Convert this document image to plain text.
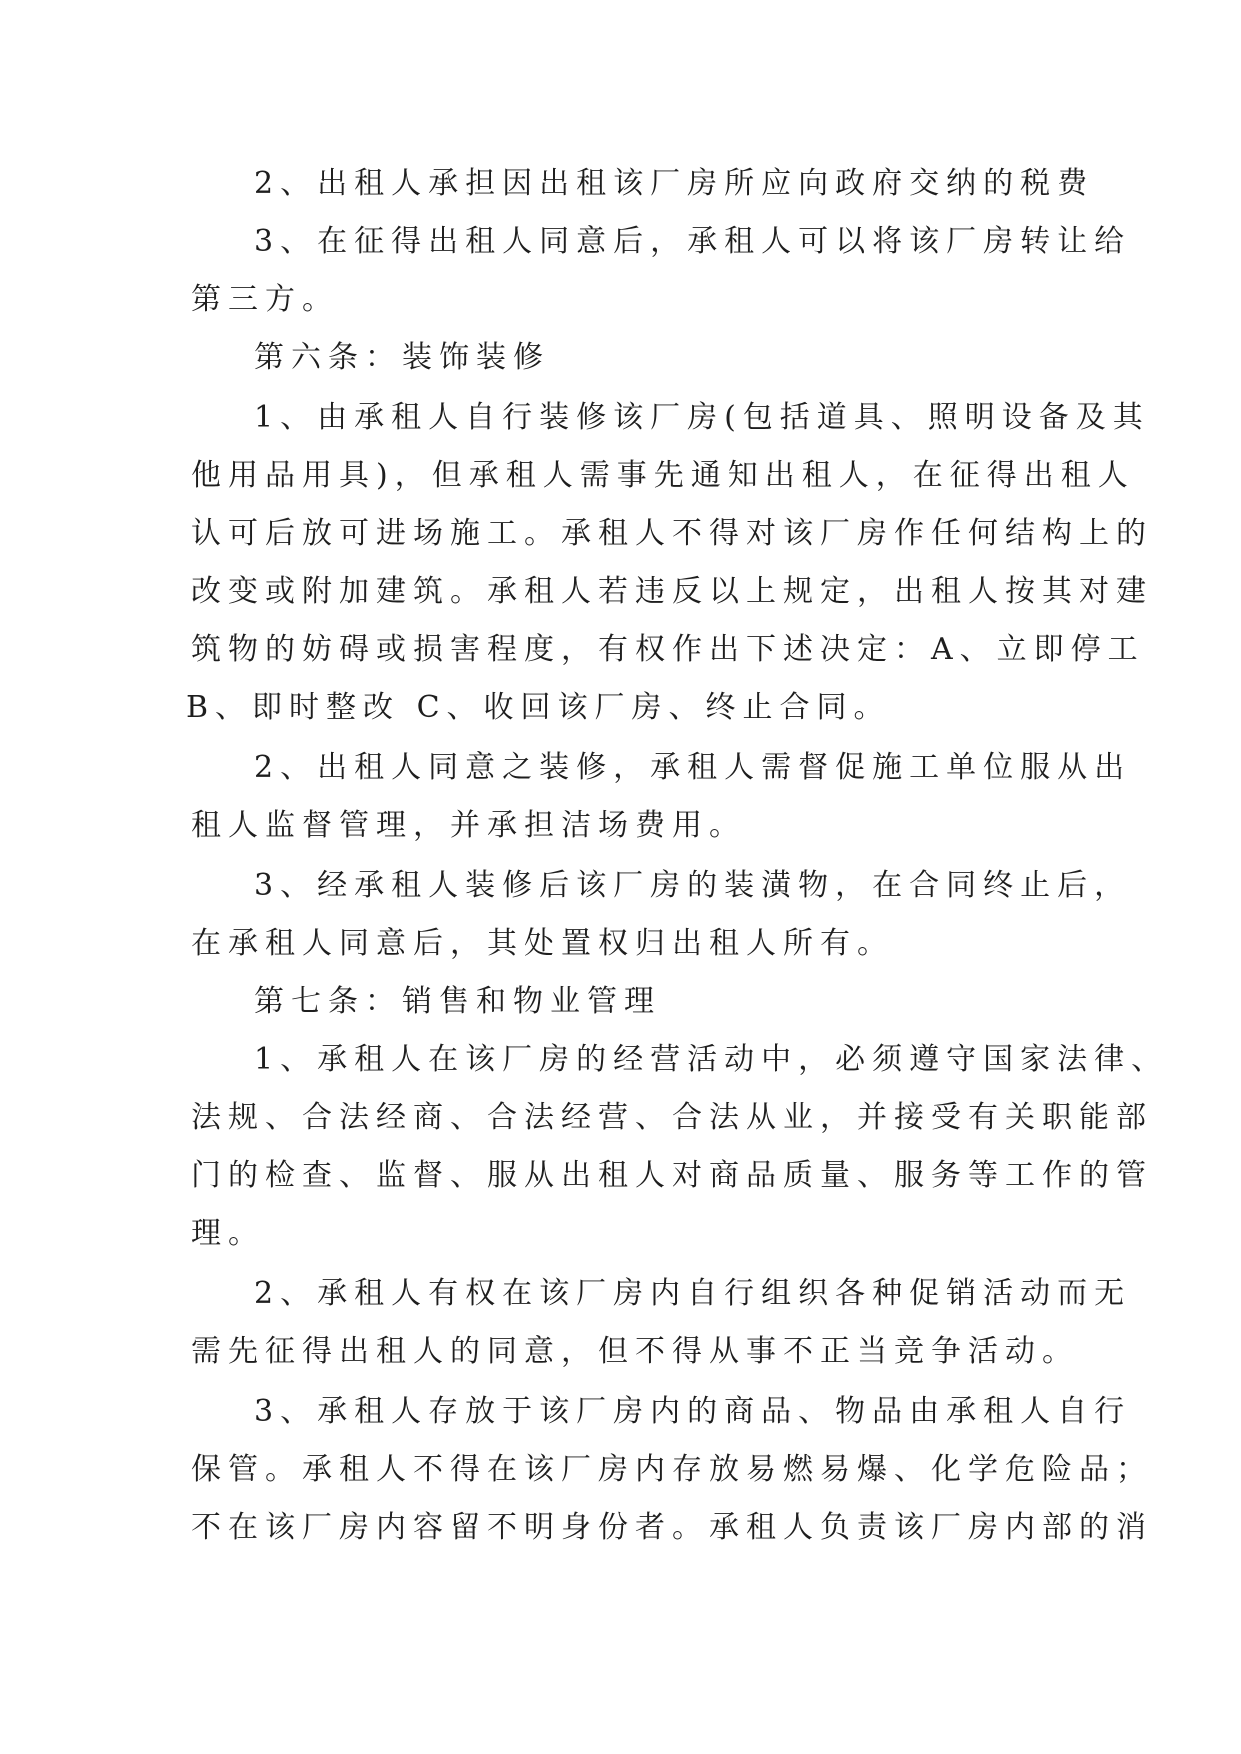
2、出租人承担因出租该厂房所应向政府交纳的税费
3、在征得出租人同意后，承租人可以将该厂房转让给
第三方。
第六条：装饰装修
1、由承租人自行装修该厂房(包括道具、照明设备及其
他用品用具)，但承租人需事先通知出租人，在征得出租人
认可后放可进场施工。承租人不得对该厂房作任何结构上的
改变或附加建筑。承租人若违反以上规定，出租人按其对建
筑物的妨碍或损害程度，有权作出下述决定：A、立即停工
B、即时整改 C、收回该厂房、终止合同。
2、出租人同意之装修，承租人需督促施工单位服从出
租人监督管理，并承担洁场费用。
3、经承租人装修后该厂房的装潢物，在合同终止后，
在承租人同意后，其处置权归出租人所有。
第七条：销售和物业管理
1、承租人在该厂房的经营活动中，必须遵守国家法律、
法规、合法经商、合法经营、合法从业，并接受有关职能部
门的检查、监督、服从出租人对商品质量、服务等工作的管
理。
2、承租人有权在该厂房内自行组织各种促销活动而无
需先征得出租人的同意，但不得从事不正当竞争活动。
3、承租人存放于该厂房内的商品、物品由承租人自行
保管。承租人不得在该厂房内存放易燃易爆、化学危险品；
不在该厂房内容留不明身份者。承租人负责该厂房内部的消
